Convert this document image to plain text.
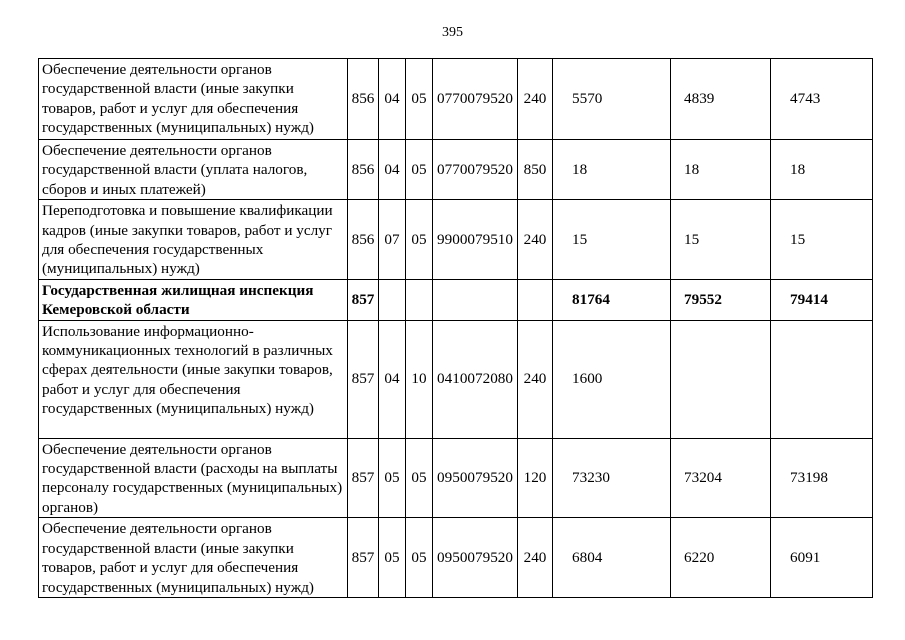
395
Обеспечение деятельности органов
государственной власти (иные закупки
товаров, работ и услуг для обеспечения
государственных (муниципальных) нужд)	856	04	05	0770079520	240	5570	4839	4743
Обеспечение деятельности органов
государственной власти (уплата налогов,
сборов и иных платежей)	856	04	05	0770079520	850	18	18	18
Переподготовка и повышение квалификации
кадров (иные закупки товаров, работ и услуг
для обеспечения государственных
(муниципальных) нужд)	856	07	05	9900079510	240	15	15	15
Государственная жилищная инспекция
Кемеровской области	857					81764	79552	79414
Использование информационно-коммуникационных технологий в различных
сферах деятельности (иные закупки товаров,
работ и услуг для обеспечения
государственных (муниципальных) нужд)	857	04	10	0410072080	240	1600		
Обеспечение деятельности органов
государственной власти (расходы на выплаты
персоналу государственных (муниципальных)
органов)	857	05	05	0950079520	120	73230	73204	73198
Обеспечение деятельности органов
государственной власти (иные закупки
товаров, работ и услуг для обеспечения
государственных (муниципальных) нужд)	857	05	05	0950079520	240	6804	6220	6091
